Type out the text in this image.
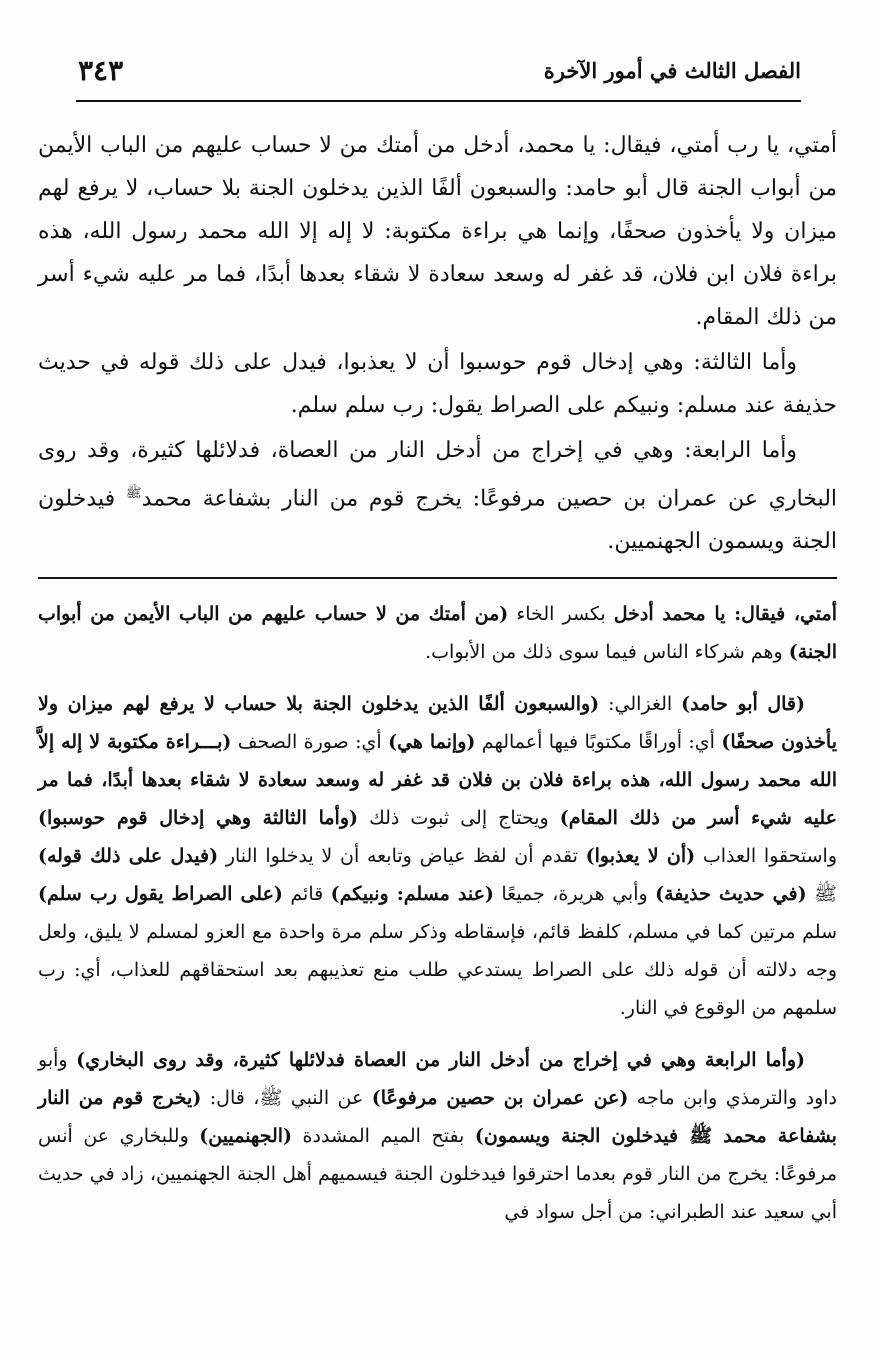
الفصل الثالث في أمور الآخرة
٣٤٣

أمتي، يا رب أمتي، فيقال: يا محمد، أدخل من أمتك من لا حساب عليهم من الباب الأيمن من أبواب الجنة قال أبو حامد: والسبعون ألفًا الذين يدخلون الجنة بلا حساب، لا يرفع لهم ميزان ولا يأخذون صحفًا، وإنما هي براءة مكتوبة: لا إله إلا الله محمد رسول الله، هذه براءة فلان ابن فلان، قد غفر له وسعد سعادة لا شقاء بعدها أبدًا، فما مر عليه شيء أسر من ذلك المقام.

وأما الثالثة: وهي إدخال قوم حوسبوا أن لا يعذبوا، فيدل على ذلك قوله في حديث حذيفة عند مسلم: ونبيكم على الصراط يقول: رب سلم سلم.

وأما الرابعة: وهي في إخراج من أدخل النار من العصاة، فدلائلها كثيرة، وقد روى البخاري عن عمران بن حصين مرفوعًا: يخرج قوم من النار بشفاعة محمد$^ﷺ$ فيدخلون الجنة ويسمون الجهنميين.

أمتي، فيقال: يا محمد أدخل بكسر الخاء (من أمتك من لا حساب عليهم من الباب الأيمن من أبواب الجنة) وهم شركاء الناس فيما سوى ذلك من الأبواب.

(قال أبو حامد) الغزالي: (والسبعون ألفًا الذين يدخلون الجنة بلا حساب لا يرفع لهم ميزان ولا يأخذون صحفًا) أي: أوراقًا مكتوبًا فيها أعمالهم (وإنما هي) أي: صورة الصحف (بـــراءة مكتوبة لا إله إلاَّ الله محمد رسول الله، هذه براءة فلان بن فلان قد غفر له وسعد سعادة لا شقاء بعدها أبدًا، فما مر عليه شيء أسر من ذلك المقام) ويحتاج إلى ثبوت ذلك (وأما الثالثة وهي إدخال قوم حوسبوا) واستحقوا العذاب (أن لا يعذبوا) تقدم أن لفظ عياض وتابعه أن لا يدخلوا النار (فيدل على ذلك قوله) ﷺ (في حديث حذيفة) وأبي هريرة، جميعًا (عند مسلم: ونبيكم) قائم (على الصراط يقول رب سلم) سلم مرتين كما في مسلم، كلفظ قائم، فإسقاطه وذكر سلم مرة واحدة مع العزو لمسلم لا يليق، ولعل وجه دلالته أن قوله ذلك على الصراط يستدعي طلب منع تعذيبهم بعد استحقاقهم للعذاب، أي: رب سلمهم من الوقوع في النار.

(وأما الرابعة وهي في إخراج من أدخل النار من العصاة فدلائلها كثيرة، وقد روى البخاري) وأبو داود والترمذي وابن ماجه (عن عمران بن حصين مرفوعًا) عن النبي ﷺ، قال: (يخرج قوم من النار بشفاعة محمد ﷺ فيدخلون الجنة ويسمون) بفتح الميم المشددة (الجهنميين) وللبخاري عن أنس مرفوعًا: يخرج من النار قوم بعدما احترقوا فيدخلون الجنة فيسميهم أهل الجنة الجهنميين، زاد في حديث أبي سعيد عند الطبراني: من أجل سواد في
